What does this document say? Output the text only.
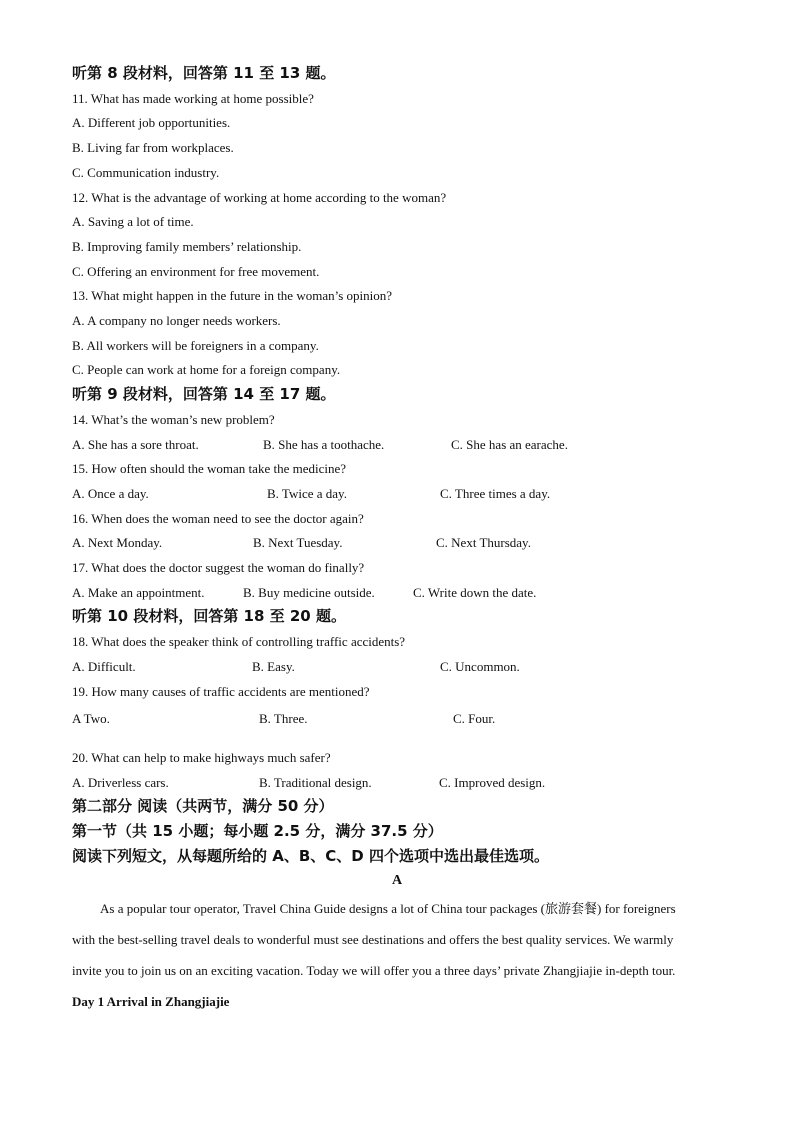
听第 8 段材料，回答第 11 至 13 题。
11. What has made working at home possible?
A. Different job opportunities.
B. Living far from workplaces.
C. Communication industry.
12. What is the advantage of working at home according to the woman?
A. Saving a lot of time.
B. Improving family members’ relationship.
C. Offering an environment for free movement.
13. What might happen in the future in the woman’s opinion?
A. A company no longer needs workers.
B. All workers will be foreigners in a company.
C. People can work at home for a foreign company.
听第 9 段材料，回答第 14 至 17 题。
14. What’s the woman’s new problem?
A. She has a sore throat.	B. She has a toothache.	C. She has an earache.
15. How often should the woman take the medicine?
A. Once a day.	B. Twice a day.	C. Three times a day.
16. When does the woman need to see the doctor again?
A. Next Monday.	B. Next Tuesday.	C. Next Thursday.
17. What does the doctor suggest the woman do finally?
A. Make an appointment.	B. Buy medicine outside.	C. Write down the date.
听第 10 段材料，回答第 18 至 20 题。
18. What does the speaker think of controlling traffic accidents?
A. Difficult.	B. Easy.	C. Uncommon.
19. How many causes of traffic accidents are mentioned?
A Two.	B. Three.	C. Four.
20. What can help to make highways much safer?
A. Driverless cars.	B. Traditional design.	C. Improved design.
第二部分 阅读（共两节，满分 50 分）
第一节（共 15 小题；每小题 2.5 分，满分 37.5 分）
阅读下列短文，从每题所给的 A、B、C、D 四个选项中选出最佳选项。
A
As a popular tour operator, Travel China Guide designs a lot of China tour packages (旅游套餐) for foreigners
with the best-selling travel deals to wonderful must see destinations and offers the best quality services. We warmly
invite you to join us on an exciting vacation. Today we will offer you a three days’ private Zhangjiajie in-depth tour.
Day 1 Arrival in Zhangjiajie
